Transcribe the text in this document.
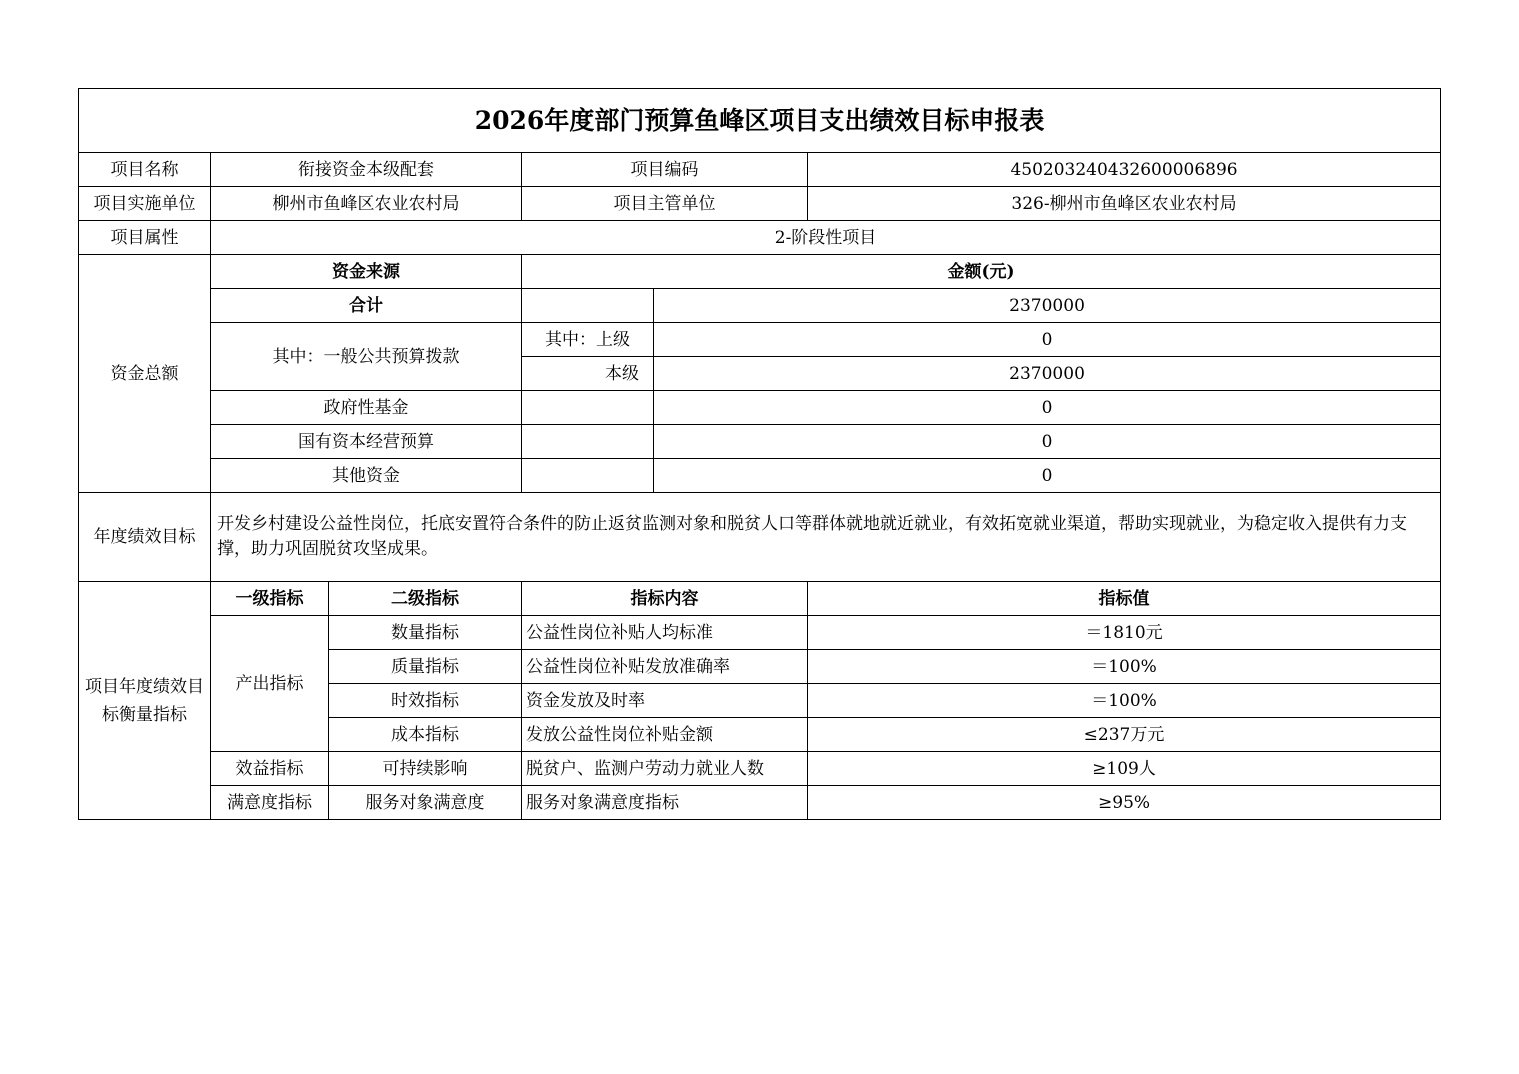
2026年度部门预算鱼峰区项目支出绩效目标申报表					
项目名称	衔接资金本级配套		项目编码		450203240432600006896
项目实施单位	柳州市鱼峰区农业农村局		项目主管单位		326-柳州市鱼峰区农业农村局
项目属性	2-阶段性项目				
资金总额	资金来源		金额(元)		
	合计			2370000	
	其中：一般公共预算拨款		其中：上级	0	
			本级	2370000	
	政府性基金			0	
	国有资本经营预算			0	
	其他资金			0	
年度绩效目标	开发乡村建设公益性岗位，托底安置符合条件的防止返贫监测对象和脱贫人口等群体就地就近就业，有效拓宽就业渠道，帮助实现就业，为稳定收入提供有力支撑，助力巩固脱贫攻坚成果。				
项目年度绩效目标衡量指标	一级指标	二级指标	指标内容		指标值
	产出指标	数量指标	公益性岗位补贴人均标准		＝1810元
		质量指标	公益性岗位补贴发放准确率		＝100%
		时效指标	资金发放及时率		＝100%
		成本指标	发放公益性岗位补贴金额		≤237万元
	效益指标	可持续影响	脱贫户、监测户劳动力就业人数		≥109人
	满意度指标	服务对象满意度	服务对象满意度指标		≥95%
